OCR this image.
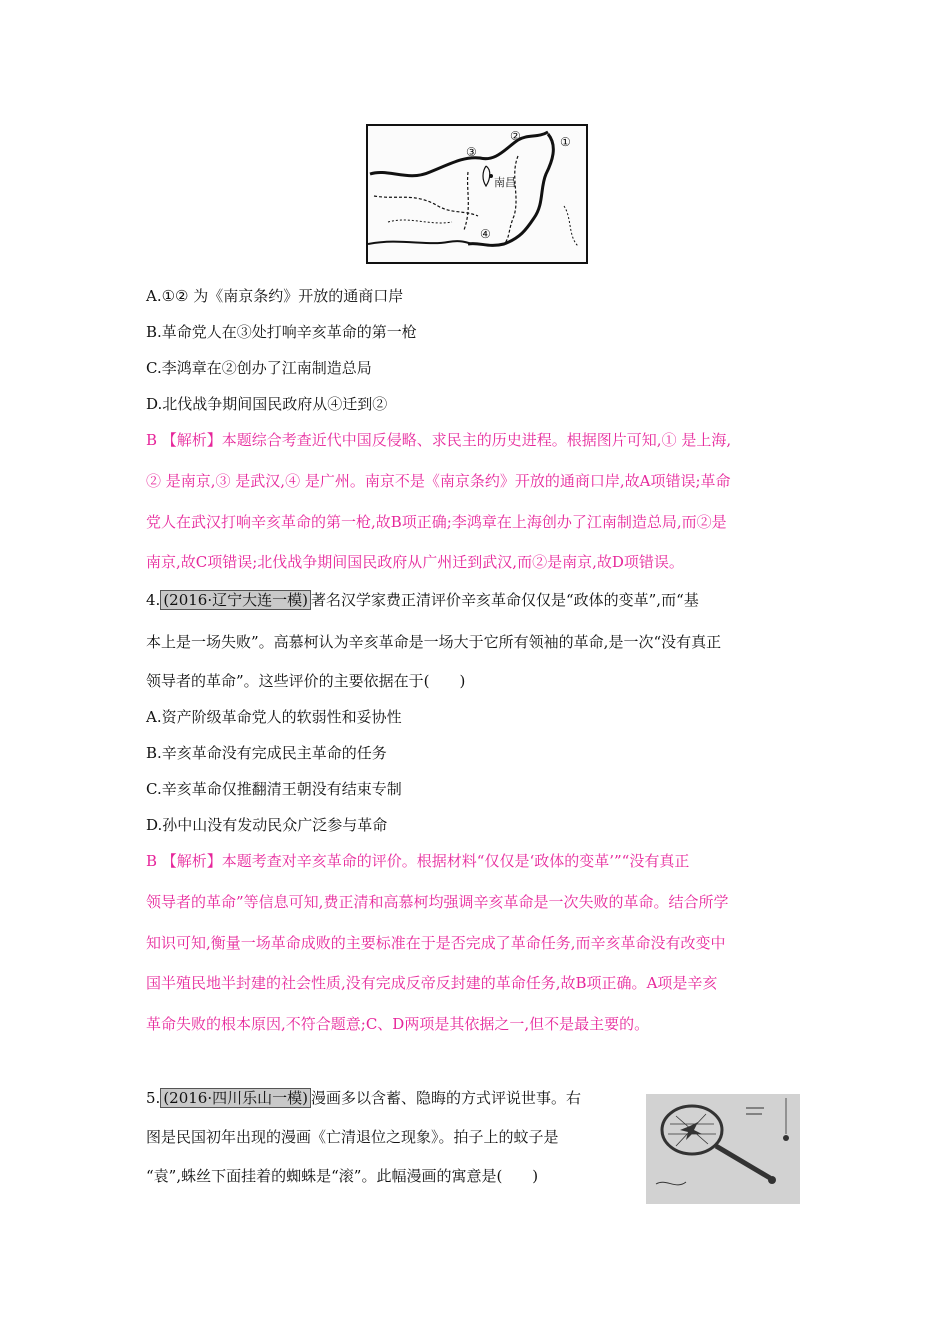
南昌
①
②
③
④
A.①② 为《南京条约》开放的通商口岸
B.革命党人在③处打响辛亥革命的第一枪
C.李鸿章在②创办了江南制造总局
D.北伐战争期间国民政府从④迁到②
B 【解析】本题综合考查近代中国反侵略、求民主的历史进程。根据图片可知,① 是上海,
② 是南京,③ 是武汉,④ 是广州。南京不是《南京条约》开放的通商口岸,故A项错误;革命
党人在武汉打响辛亥革命的第一枪,故B项正确;李鸿章在上海创办了江南制造总局,而②是
南京,故C项错误;北伐战争期间国民政府从广州迁到武汉,而②是南京,故D项错误。
4. (2016·辽宁大连一模) 著名汉学家费正清评价辛亥革命仅仅是“政体的变革”,而“基
本上是一场失败”。高慕柯认为辛亥革命是一场大于它所有领袖的革命,是一次“没有真正
领导者的革命”。这些评价的主要依据在于(　　)
A.资产阶级革命党人的软弱性和妥协性
B.辛亥革命没有完成民主革命的任务
C.辛亥革命仅推翻清王朝没有结束专制
D.孙中山没有发动民众广泛参与革命
B 【解析】本题考查对辛亥革命的评价。根据材料“仅仅是‘政体的变革’”“没有真正
领导者的革命”等信息可知,费正清和高慕柯均强调辛亥革命是一次失败的革命。结合所学
知识可知,衡量一场革命成败的主要标准在于是否完成了革命任务,而辛亥革命没有改变中
国半殖民地半封建的社会性质,没有完成反帝反封建的革命任务,故B项正确。A项是辛亥
革命失败的根本原因,不符合题意;C、D两项是其依据之一,但不是最主要的。
5. (2016·四川乐山一模) 漫画多以含蓄、隐晦的方式评说世事。右
图是民国初年出现的漫画《亡清退位之现象》。拍子上的蚊子是
“袁”,蛛丝下面挂着的蜘蛛是“滚”。此幅漫画的寓意是(　　)
